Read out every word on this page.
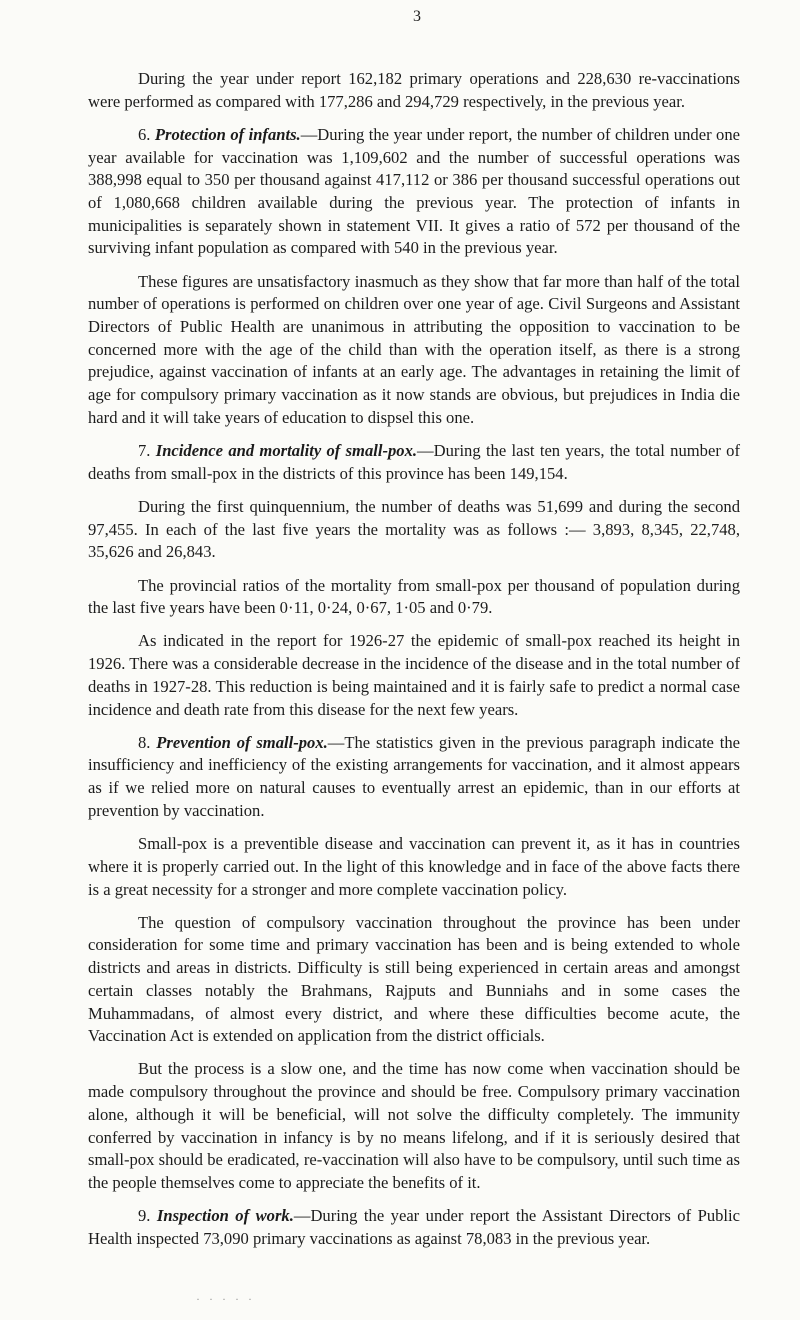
3

During the year under report 162,182 primary operations and 228,630 re-vaccinations were performed as compared with 177,286 and 294,729 respectively, in the previous year.

6. Protection of infants.—During the year under report, the number of children under one year available for vaccination was 1,109,602 and the number of successful operations was 388,998 equal to 350 per thousand against 417,112 or 386 per thousand successful operations out of 1,080,668 children available during the previous year. The protection of infants in municipalities is separately shown in statement VII. It gives a ratio of 572 per thousand of the surviving infant population as compared with 540 in the previous year.

These figures are unsatisfactory inasmuch as they show that far more than half of the total number of operations is performed on children over one year of age. Civil Surgeons and Assistant Directors of Public Health are unanimous in attributing the opposition to vaccination to be concerned more with the age of the child than with the operation itself, as there is a strong prejudice, against vaccination of infants at an early age. The advantages in retaining the limit of age for compulsory primary vaccination as it now stands are obvious, but prejudices in India die hard and it will take years of education to dispsel this one.

7. Incidence and mortality of small-pox.—During the last ten years, the total number of deaths from small-pox in the districts of this province has been 149,154.

During the first quinquennium, the number of deaths was 51,699 and during the second 97,455. In each of the last five years the mortality was as follows :— 3,893, 8,345, 22,748, 35,626 and 26,843.

The provincial ratios of the mortality from small-pox per thousand of population during the last five years have been 0·11, 0·24, 0·67, 1·05 and 0·79.

As indicated in the report for 1926-27 the epidemic of small-pox reached its height in 1926. There was a considerable decrease in the incidence of the disease and in the total number of deaths in 1927-28. This reduction is being maintained and it is fairly safe to predict a normal case incidence and death rate from this disease for the next few years.

8. Prevention of small-pox.—The statistics given in the previous paragraph indicate the insufficiency and inefficiency of the existing arrangements for vaccination, and it almost appears as if we relied more on natural causes to eventually arrest an epidemic, than in our efforts at prevention by vaccination.

Small-pox is a preventible disease and vaccination can prevent it, as it has in countries where it is properly carried out. In the light of this knowledge and in face of the above facts there is a great necessity for a stronger and more complete vaccination policy.

The question of compulsory vaccination throughout the province has been under consideration for some time and primary vaccination has been and is being extended to whole districts and areas in districts. Difficulty is still being experienced in certain areas and amongst certain classes notably the Brahmans, Rajputs and Bunniahs and in some cases the Muhammadans, of almost every district, and where these difficulties become acute, the Vaccination Act is extended on application from the district officials.

But the process is a slow one, and the time has now come when vaccination should be made compulsory throughout the province and should be free. Compulsory primary vaccination alone, although it will be beneficial, will not solve the difficulty completely. The immunity conferred by vaccination in infancy is by no means lifelong, and if it is seriously desired that small-pox should be eradicated, re-vaccination will also have to be compulsory, until such time as the people themselves come to appreciate the benefits of it.

9. Inspection of work.—During the year under report the Assistant Directors of Public Health inspected 73,090 primary vaccinations as against 78,083 in the previous year.

· · · · ·
